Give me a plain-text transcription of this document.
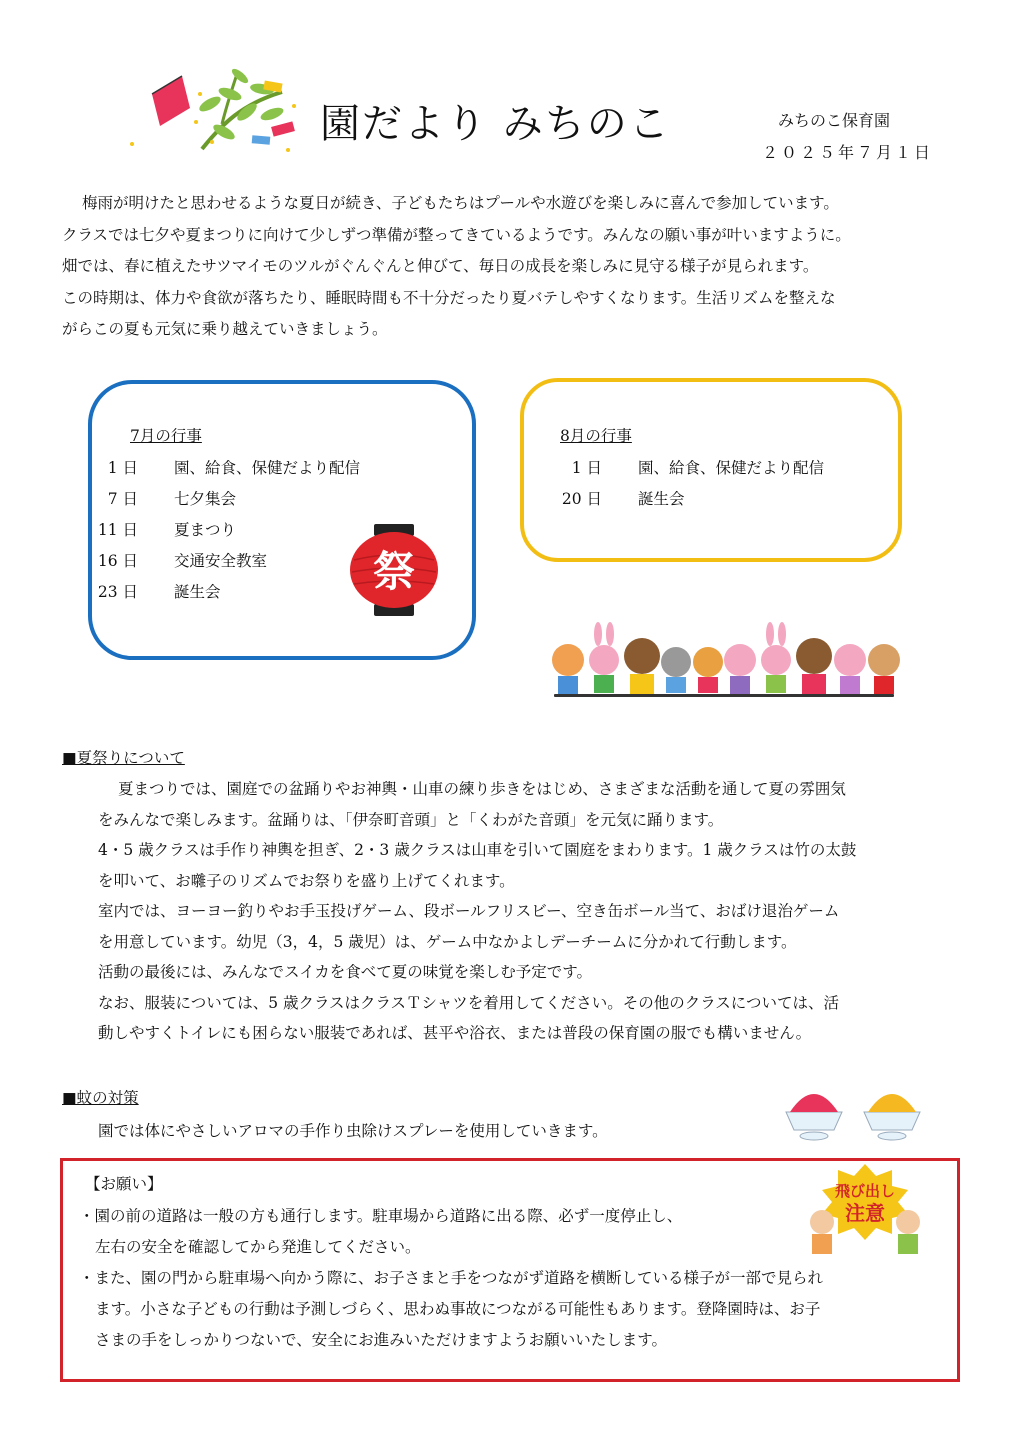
園だより みちのこ	みちのこ保育園
２０２５年７月１日

梅雨が明けたと思わせるような夏日が続き、子どもたちはプールや水遊びを楽しみに喜んで参加しています。

クラスでは七夕や夏まつりに向けて少しずつ準備が整ってきているようです。みんなの願い事が叶いますように。

畑では、春に植えたサツマイモのツルがぐんぐんと伸びて、毎日の成長を楽しみに見守る様子が見られます。

この時期は、体力や食欲が落ちたり、睡眠時間も不十分だったり夏バテしやすくなります。生活リズムを整えな

がらこの夏も元気に乗り越えていきましょう。

7月の行事
1 日	園、給食、保健だより配信
7 日	七夕集会
11 日	夏まつり
16 日	交通安全教室
23 日	誕生会	祭
8月の行事
1 日	園、給食、保健だより配信
20 日	誕生会
■夏祭りについて

夏まつりでは、園庭での盆踊りやお神輿・山車の練り歩きをはじめ、さまざまな活動を通して夏の雰囲気

をみんなで楽しみます。盆踊りは、「伊奈町音頭」と「くわがた音頭」を元気に踊ります。

4・5 歳クラスは手作り神輿を担ぎ、2・3 歳クラスは山車を引いて園庭をまわります。1 歳クラスは竹の太鼓

を叩いて、お囃子のリズムでお祭りを盛り上げてくれます。

室内では、ヨーヨー釣りやお手玉投げゲーム、段ボールフリスビー、空き缶ボール当て、おばけ退治ゲーム

を用意しています。幼児（3，4，5 歳児）は、ゲーム中なかよしデーチームに分かれて行動します。

活動の最後には、みんなでスイカを食べて夏の味覚を楽しむ予定です。

なお、服装については、5 歳クラスはクラスＴシャツを着用してください。その他のクラスについては、活

動しやすくトイレにも困らない服装であれば、甚平や浴衣、または普段の保育園の服でも構いません。

■蚊の対策
園では体にやさしいアロマの手作り虫除けスプレーを使用していきます。
【お願い】
・園の前の道路は一般の方も通行します。駐車場から道路に出る際、必ず一度停止し、
左右の安全を確認してから発進してください。
・また、園の門から駐車場へ向かう際に、お子さまと手をつながず道路を横断している様子が一部で見られ
ます。小さな子どもの行動は予測しづらく、思わぬ事故につながる可能性もあります。登降園時は、お子
さまの手をしっかりつないで、安全にお進みいただけますようお願いいたします。
飛び出し
注意
